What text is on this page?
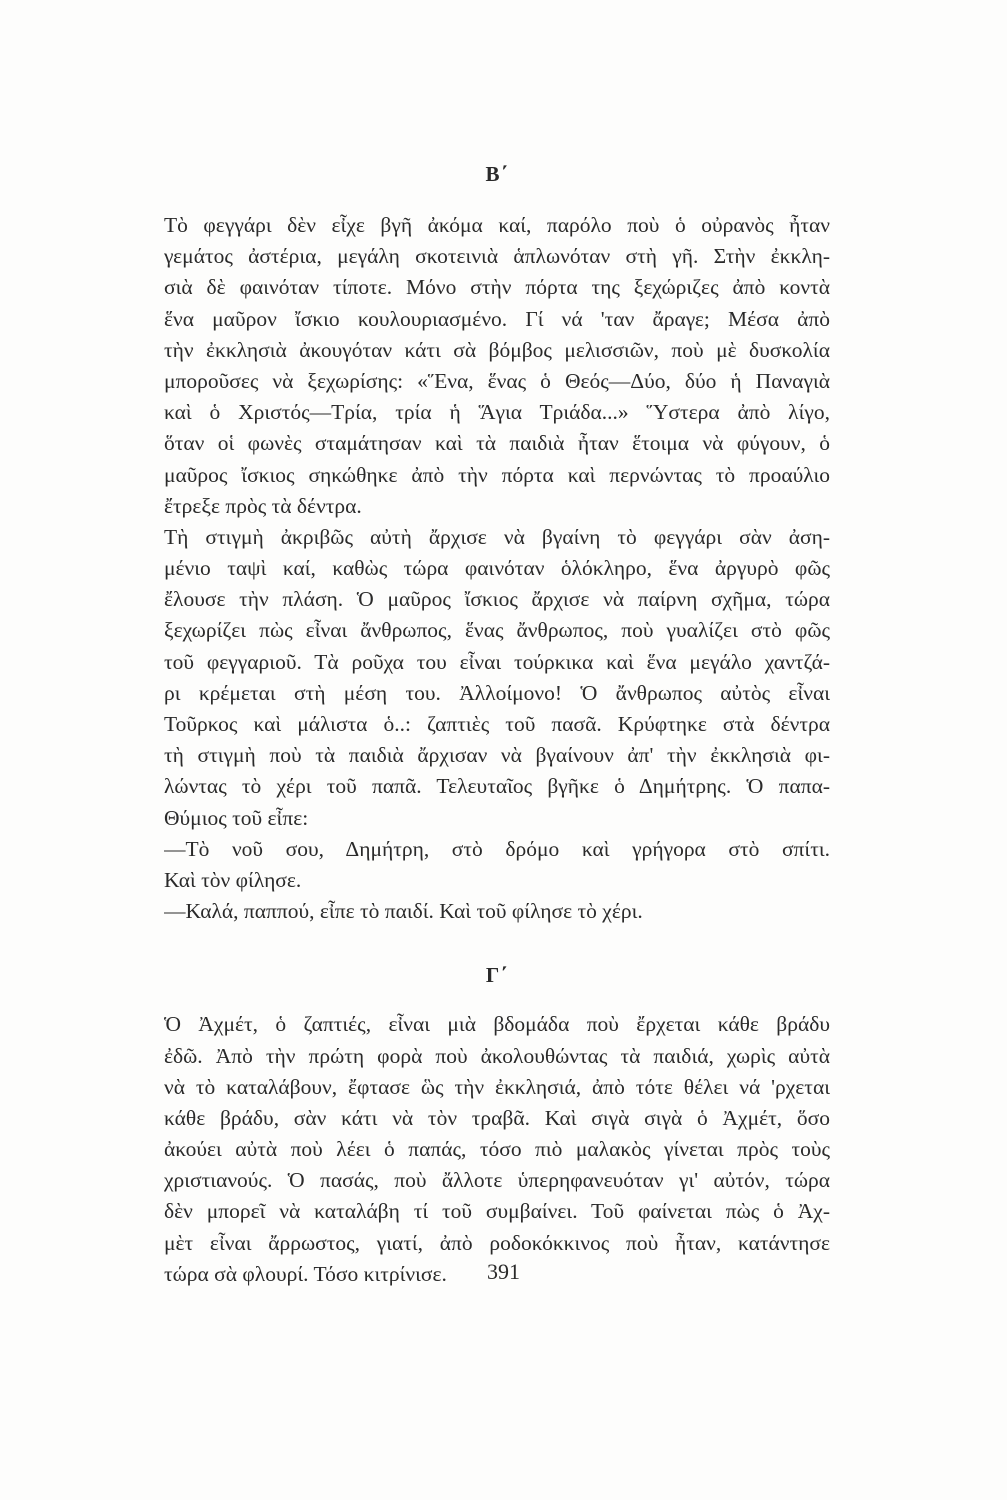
Β΄
Τὸ φεγγάρι δὲν εἶχε βγῆ ἀκόμα καί, παρόλο ποὺ ὁ οὐρανὸς ἦταν
γεμάτος ἀστέρια, μεγάλη σκοτεινιὰ ἁπλωνόταν στὴ γῆ. Στὴν ἐκκλη-
σιὰ δὲ φαινόταν τίποτε. Μόνο στὴν πόρτα της ξεχώριζες ἀπὸ κοντὰ
ἕνα μαῦρον ἴσκιο κουλουριασμένο. Γί νά 'ταν ἄραγε; Μέσα ἀπὸ
τὴν ἐκκλησιὰ ἀκουγόταν κάτι σὰ βόμβος μελισσιῶν, ποὺ μὲ δυσκολία
μποροῦσες νὰ ξεχωρίσης: «Ἕνα, ἕνας ὁ Θεός—Δύο, δύο ἡ Παναγιὰ
καὶ ὁ Χριστός—Τρία, τρία ἡ Ἅγια Τριάδα...» Ὕστερα ἀπὸ λίγο,
ὅταν οἱ φωνὲς σταμάτησαν καὶ τὰ παιδιὰ ἦταν ἕτοιμα νὰ φύγουν, ὁ
μαῦρος ἴσκιος σηκώθηκε ἀπὸ τὴν πόρτα καὶ περνώντας τὸ προαύλιο
ἔτρεξε πρὸς τὰ δέντρα.
Τὴ στιγμὴ ἀκριβῶς αὐτὴ ἄρχισε νὰ βγαίνη τὸ φεγγάρι σὰν ἀση-
μένιο ταψὶ καί, καθὼς τώρα φαινόταν ὁλόκληρο, ἕνα ἀργυρὸ φῶς
ἔλουσε τὴν πλάση. Ὁ μαῦρος ἴσκιος ἄρχισε νὰ παίρνη σχῆμα, τώρα
ξεχωρίζει πὼς εἶναι ἄνθρωπος, ἕνας ἄνθρωπος, ποὺ γυαλίζει στὸ φῶς
τοῦ φεγγαριοῦ. Τὰ ροῦχα του εἶναι τούρκικα καὶ ἕνα μεγάλο χαντζά-
ρι κρέμεται στὴ μέση του. Ἀλλοίμονο! Ὁ ἄνθρωπος αὐτὸς εἶναι
Τοῦρκος καὶ μάλιστα ὁ..: ζαπτιὲς τοῦ πασᾶ. Κρύφτηκε στὰ δέντρα
τὴ στιγμὴ ποὺ τὰ παιδιὰ ἄρχισαν νὰ βγαίνουν ἀπ' τὴν ἐκκλησιὰ φι-
λώντας τὸ χέρι τοῦ παπᾶ. Τελευταῖος βγῆκε ὁ Δημήτρης. Ὁ παπα-
Θύμιος τοῦ εἶπε:
—Τὸ νοῦ σου, Δημήτρη, στὸ δρόμο καὶ γρήγορα στὸ σπίτι.
Καὶ τὸν φίλησε.
—Καλά, παππού, εἶπε τὸ παιδί. Καὶ τοῦ φίλησε τὸ χέρι.
Γ΄
Ὁ Ἀχμέτ, ὁ ζαπτιές, εἶναι μιὰ βδομάδα ποὺ ἔρχεται κάθε βράδυ
ἐδῶ. Ἀπὸ τὴν πρώτη φορὰ ποὺ ἀκολουθώντας τὰ παιδιά, χωρὶς αὐτὰ
νὰ τὸ καταλάβουν, ἔφτασε ὣς τὴν ἐκκλησιά, ἀπὸ τότε θέλει νά 'ρχεται
κάθε βράδυ, σὰν κάτι νὰ τὸν τραβᾶ. Καὶ σιγὰ σιγὰ ὁ Ἀχμέτ, ὅσο
ἀκούει αὐτὰ ποὺ λέει ὁ παπάς, τόσο πιὸ μαλακὸς γίνεται πρὸς τοὺς
χριστιανούς. Ὁ πασάς, ποὺ ἄλλοτε ὑπερηφανευόταν γι' αὐτόν, τώρα
δὲν μπορεῖ νὰ καταλάβη τί τοῦ συμβαίνει. Τοῦ φαίνεται πὼς ὁ Ἀχ-
μὲτ εἶναι ἄρρωστος, γιατί, ἀπὸ ροδοκόκκινος ποὺ ἦταν, κατάντησε
τώρα σὰ φλουρί. Τόσο κιτρίνισε.	391
